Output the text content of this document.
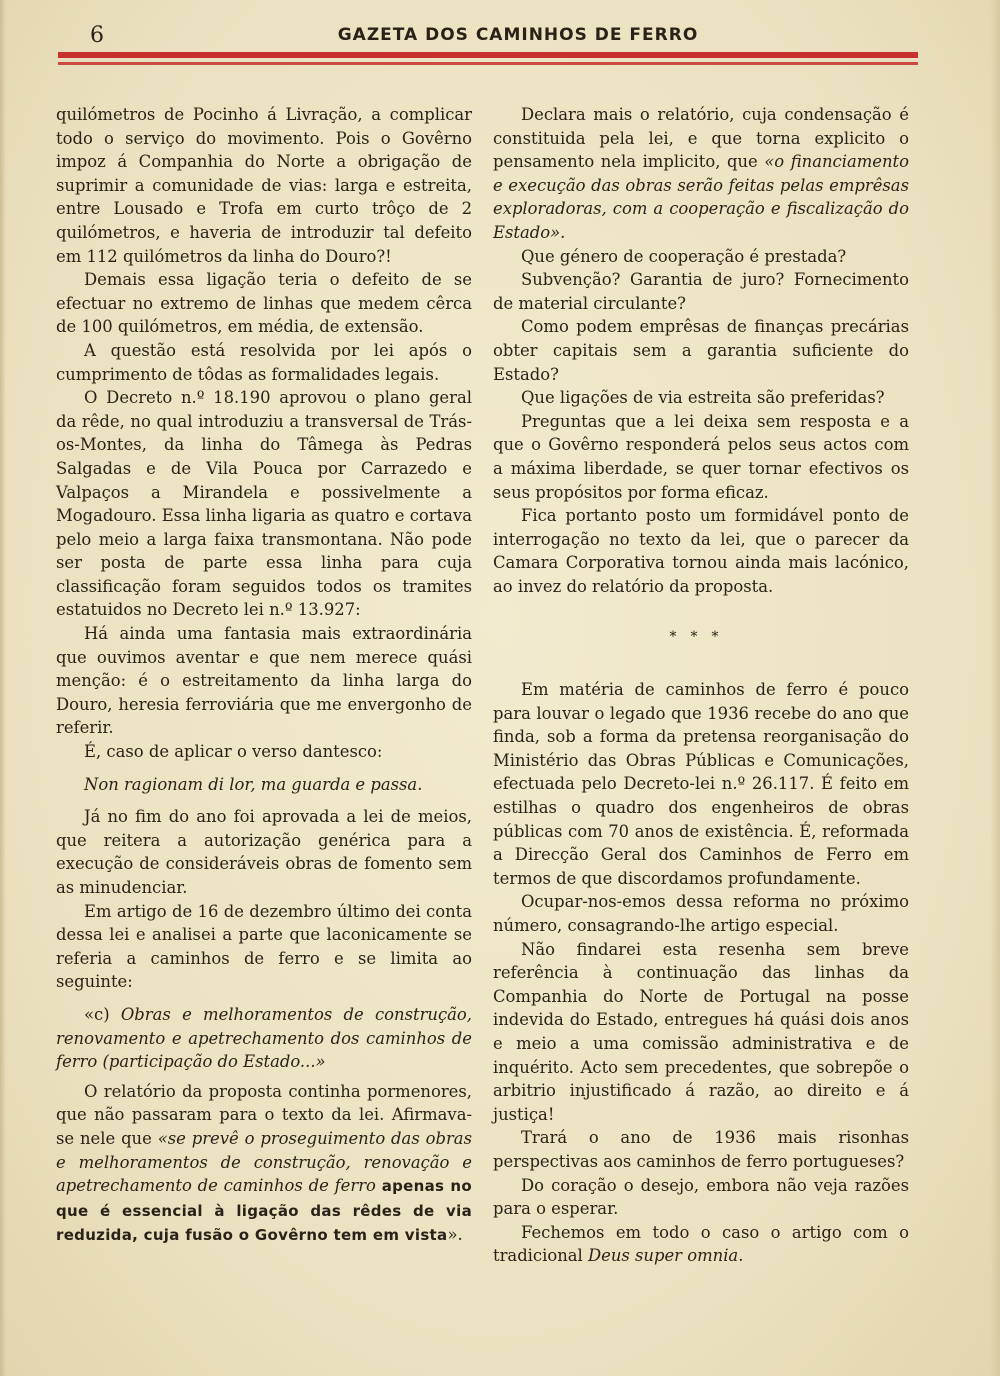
6	GAZETA DOS CAMINHOS DE FERRO

quilómetros de Pocinho á Livração, a complicar todo o serviço do movimento. Pois o Govêrno impoz á Companhia do Norte a obrigação de suprimir a comunidade de vias: larga e estreita, entre Lousado e Trofa em curto trôço de 2 quilómetros, e haveria de introduzir tal defeito em 112 quilómetros da linha do Douro?!

Demais essa ligação teria o defeito de se efectuar no extremo de linhas que medem cêrca de 100 quilómetros, em média, de extensão.

A questão está resolvida por lei após o cumprimento de tôdas as formalidades legais.

O Decreto n.º 18.190 aprovou o plano geral da rêde, no qual introduziu a transversal de Trás-os-Montes, da linha do Tâmega às Pedras Salgadas e de Vila Pouca por Carrazedo e Valpaços a Mirandela e possivelmente a Mogadouro. Essa linha ligaria as quatro e cortava pelo meio a larga faixa transmontana. Não pode ser posta de parte essa linha para cuja classificação foram seguidos todos os tramites estatuidos no Decreto lei n.º 13.927:

Há ainda uma fantasia mais extraordinária que ouvimos aventar e que nem merece quási menção: é o estreitamento da linha larga do Douro, heresia ferroviária que me envergonho de referir.

É, caso de aplicar o verso dantesco:

Non ragionam di lor, ma guarda e passa.

Já no fim do ano foi aprovada a lei de meios, que reitera a autorização genérica para a execução de consideráveis obras de fomento sem as minudenciar.

Em artigo de 16 de dezembro último dei conta dessa lei e analisei a parte que laconicamente se referia a caminhos de ferro e se limita ao seguinte:

«c) Obras e melhoramentos de construção, renovamento e apetrechamento dos caminhos de ferro (participação do Estado...»

O relatório da proposta continha pormenores, que não passaram para o texto da lei. Afirmava-se nele que «se prevê o proseguimento das obras e melhoramentos de construção, renovação e apetrechamento de caminhos de ferro apenas no que é essencial à ligação das rêdes de via reduzida, cuja fusão o Govêrno tem em vista».

Declara mais o relatório, cuja condensação é constituida pela lei, e que torna explicito o pensamento nela implicito, que «o financiamento e execução das obras serão feitas pelas emprêsas exploradoras, com a cooperação e fiscalização do Estado».

Que género de cooperação é prestada?

Subvenção? Garantia de juro? Fornecimento de material circulante?

Como podem emprêsas de finanças precárias obter capitais sem a garantia suficiente do Estado?

Que ligações de via estreita são preferidas?

Preguntas que a lei deixa sem resposta e a que o Govêrno responderá pelos seus actos com a máxima liberdade, se quer tornar efectivos os seus propósitos por forma eficaz.

Fica portanto posto um formidável ponto de interrogação no texto da lei, que o parecer da Camara Corporativa tornou ainda mais lacónico, ao invez do relatório da proposta.

***

Em matéria de caminhos de ferro é pouco para louvar o legado que 1936 recebe do ano que finda, sob a forma da pretensa reorganisação do Ministério das Obras Públicas e Comunicações, efectuada pelo Decreto-lei n.º 26.117. É feito em estilhas o quadro dos engenheiros de obras públicas com 70 anos de existência. É, reformada a Direcção Geral dos Caminhos de Ferro em termos de que discordamos profundamente.

Ocupar-nos-emos dessa reforma no próximo número, consagrando-lhe artigo especial.

Não findarei esta resenha sem breve referência à continuação das linhas da Companhia do Norte de Portugal na posse indevida do Estado, entregues há quási dois anos e meio a uma comissão administrativa e de inquérito. Acto sem precedentes, que sobrepõe o arbitrio injustificado á razão, ao direito e á justiça!

Trará o ano de 1936 mais risonhas perspectivas aos caminhos de ferro portugueses?

Do coração o desejo, embora não veja razões para o esperar.

Fechemos em todo o caso o artigo com o tradicional Deus super omnia.
